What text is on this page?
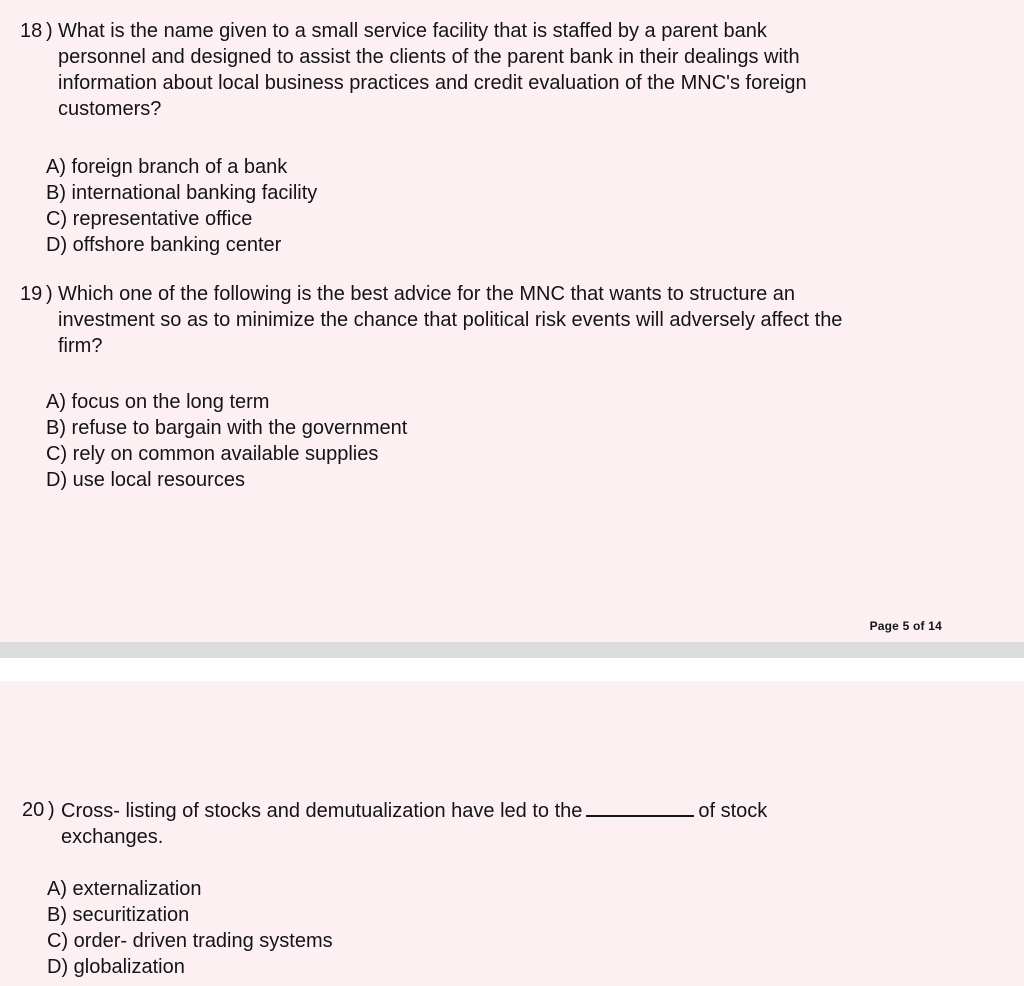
18 ) What is the name given to a small service facility that is staffed by a parent bank
personnel and designed to assist the clients of the parent bank in their dealings with
information about local business practices and credit evaluation of the MNC's foreign
customers?
A) foreign branch of a bank
B) international banking facility
C) representative office
D) offshore banking center
19 ) Which one of the following is the best advice for the MNC that wants to structure an
investment so as to minimize the chance that political risk events will adversely affect the
firm?
A) focus on the long term
B) refuse to bargain with the government
C) rely on common available supplies
D) use local resources
Page 5 of 14
20 ) Cross- listing of stocks and demutualization have led to the	of stock
exchanges.
A) externalization
B) securitization
C) order- driven trading systems
D) globalization
